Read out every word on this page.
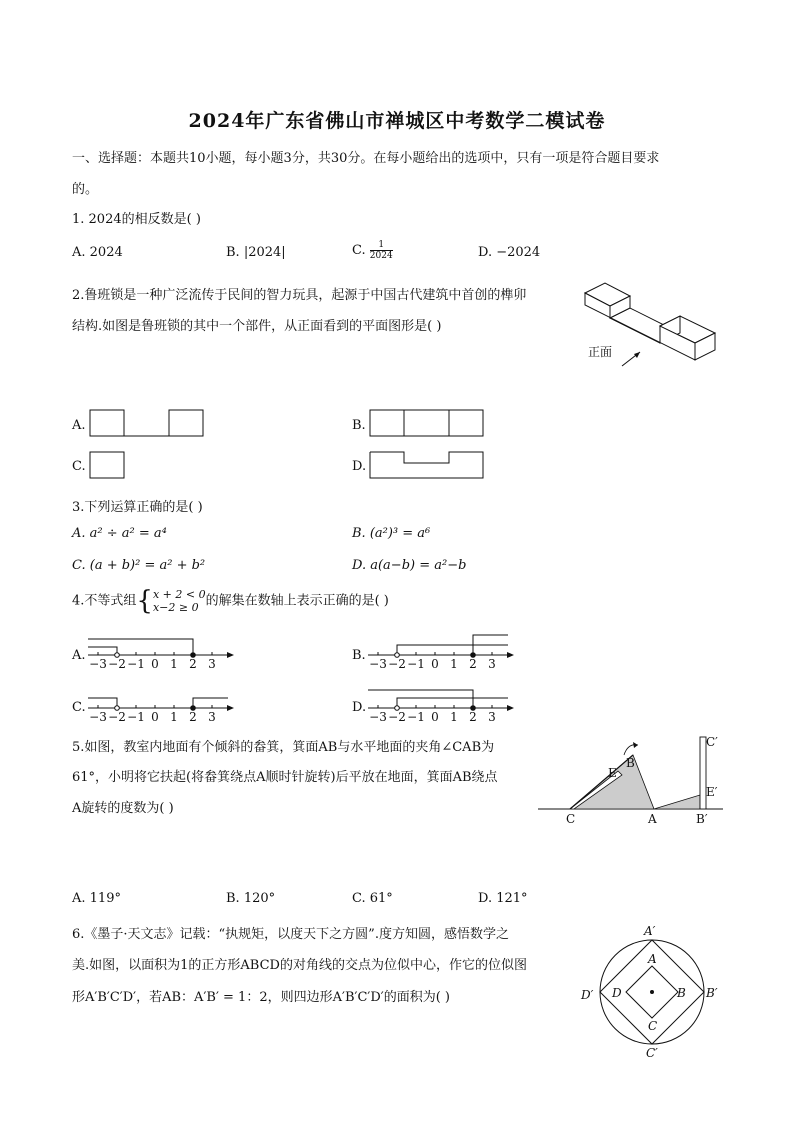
2024年广东省佛山市禅城区中考数学二模试卷
一、选择题：本题共10小题，每小题3分，共30分。在每小题给出的选项中，只有一项是符合题目要求
的。
1. 2024的相反数是( )
A. 2024	B. |2024|	C. $\frac{1}{2024}$	D. −2024
2.鲁班锁是一种广泛流传于民间的智力玩具，起源于中国古代建筑中首创的榫卯
结构.如图是鲁班锁的其中一个部件，从正面看到的平面图形是( )
正面
A.	B.
C.	D.
3.下列运算正确的是( )
A. a² ÷ a² = a⁴	B. (a²)³ = a⁶
C. (a + b)² = a² + b²	D. a(a−b) = a²−b
4.不等式组{ x + 2 < 0
x−2 ≥ 0 的解集在数轴上表示正确的是( )
A.	B.
C.	D.
−3 −2 −1 0 1 2 3	−3 −2 −1 0 1 2 3
−3 −2 −1 0 1 2 3	−3 −2 −1 0 1 2 3
5.如图，教室内地面有个倾斜的畚箕，箕面AB与水平地面的夹角∠CAB为
61°，小明将它扶起(将畚箕绕点A顺时针旋转)后平放在地面，箕面AB绕点
A旋转的度数为( )
C′
B
E
E′
C	A	B′
A. 119°	B. 120°	C. 61°	D. 121°
6.《墨子·天文志》记载：“执规矩，以度天下之方圆”.度方知圆，感悟数学之
美.如图，以面积为1的正方形ABCD的对角线的交点为位似中心，作它的位似图
形A′B′C′D′，若AB：A′B′ = 1：2，则四边形A′B′C′D′的面积为( )
A′
A
B′
B
C′
C
D′ D
